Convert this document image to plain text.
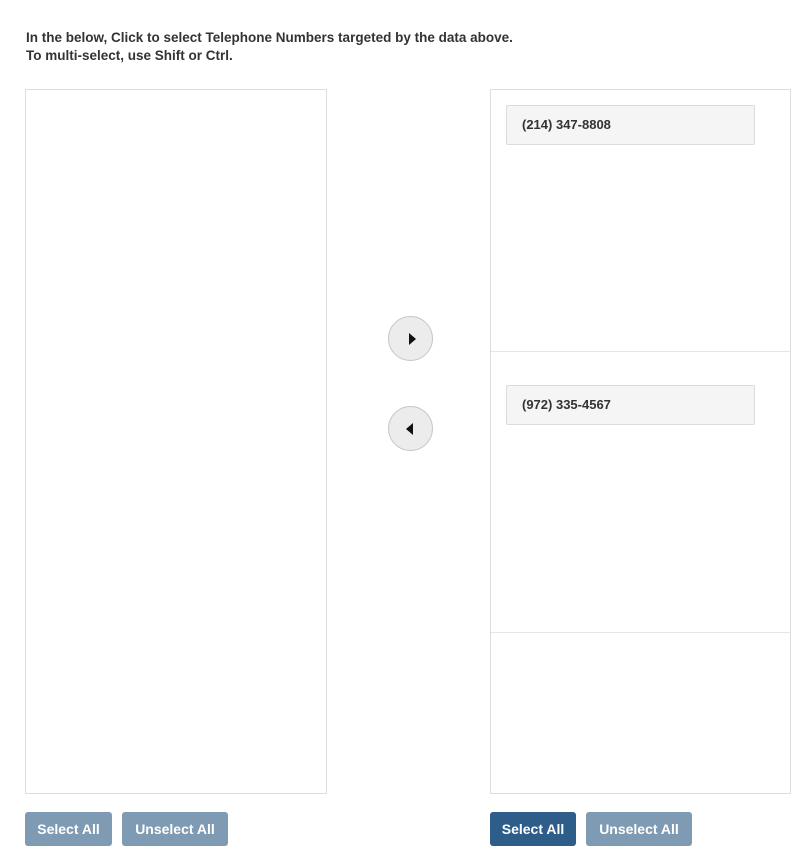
In the below, Click to select Telephone Numbers targeted by the data above.
To multi-select, use Shift or Ctrl.
(214) 347-8808
(972) 335-4567
Select All	Unselect All	Select All	Unselect All
